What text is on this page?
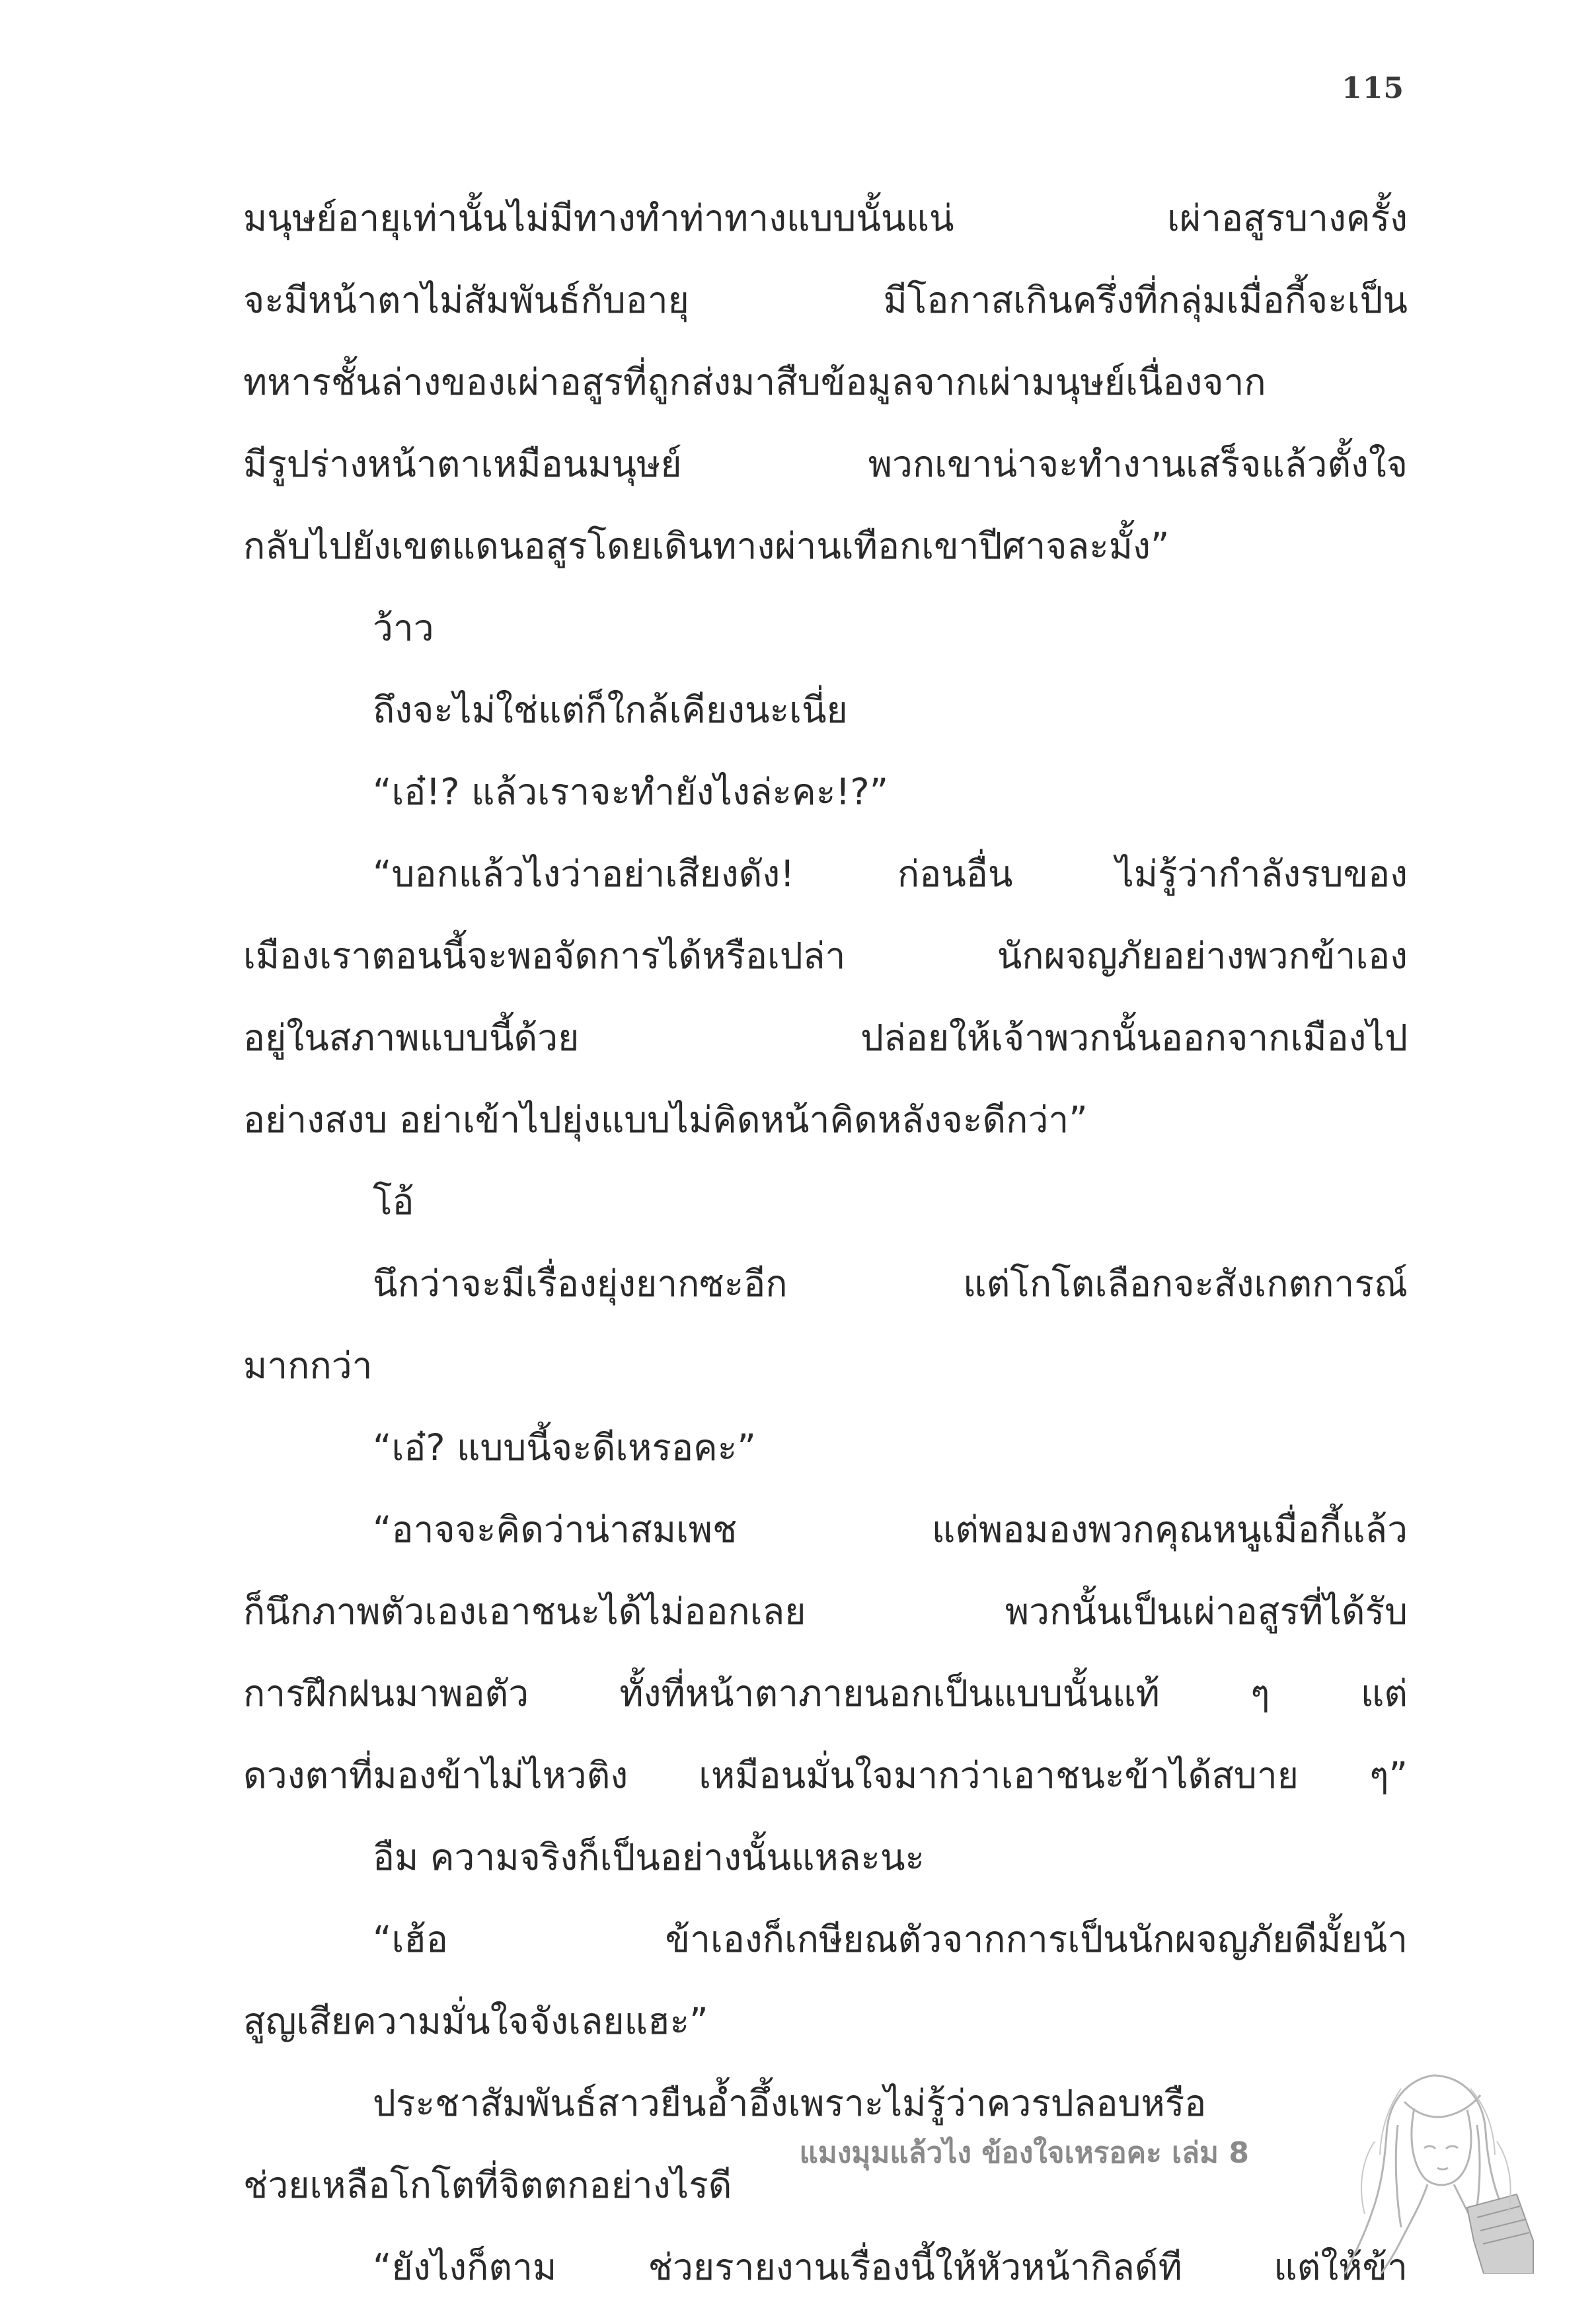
115
มนุษย์อายุเท่านั้นไม่มีทางทำท่าทางแบบนั้นแน่ เผ่าอสูรบางครั้ง
จะมีหน้าตาไม่สัมพันธ์กับอายุ มีโอกาสเกินครึ่งที่กลุ่มเมื่อกี้จะเป็น
ทหารชั้นล่างของเผ่าอสูรที่ถูกส่งมาสืบข้อมูลจากเผ่ามนุษย์เนื่องจาก
มีรูปร่างหน้าตาเหมือนมนุษย์ พวกเขาน่าจะทำงานเสร็จแล้วตั้งใจ
กลับไปยังเขตแดนอสูรโดยเดินทางผ่านเทือกเขาปีศาจละมั้ง”
ว้าว
ถึงจะไม่ใช่แต่ก็ใกล้เคียงนะเนี่ย
“เอ๋!? แล้วเราจะทำยังไงล่ะคะ!?”
“บอกแล้วไงว่าอย่าเสียงดัง! ก่อนอื่น ไม่รู้ว่ากำลังรบของ
เมืองเราตอนนี้จะพอจัดการได้หรือเปล่า นักผจญภัยอย่างพวกข้าเอง
อยู่ในสภาพแบบนี้ด้วย ปล่อยให้เจ้าพวกนั้นออกจากเมืองไป
อย่างสงบ อย่าเข้าไปยุ่งแบบไม่คิดหน้าคิดหลังจะดีกว่า”
โอ้
นึกว่าจะมีเรื่องยุ่งยากซะอีก แต่โกโตเลือกจะสังเกตการณ์
มากกว่า
“เอ๋? แบบนี้จะดีเหรอคะ”
“อาจจะคิดว่าน่าสมเพช แต่พอมองพวกคุณหนูเมื่อกี้แล้ว
ก็นึกภาพตัวเองเอาชนะได้ไม่ออกเลย พวกนั้นเป็นเผ่าอสูรที่ได้รับ
การฝึกฝนมาพอตัว ทั้งที่หน้าตาภายนอกเป็นแบบนั้นแท้ ๆ แต่
ดวงตาที่มองข้าไม่ไหวติง เหมือนมั่นใจมากว่าเอาชนะข้าได้สบาย ๆ”
อืม ความจริงก็เป็นอย่างนั้นแหละนะ
“เฮ้อ ข้าเองก็เกษียณตัวจากการเป็นนักผจญภัยดีมั้ยน้า
สูญเสียความมั่นใจจังเลยแฮะ”
ประชาสัมพันธ์สาวยืนอ้ำอึ้งเพราะไม่รู้ว่าควรปลอบหรือ
ช่วยเหลือโกโตที่จิตตกอย่างไรดี
“ยังไงก็ตาม ช่วยรายงานเรื่องนี้ให้หัวหน้ากิลด์ที แต่ให้ข้า
แมงมุมแล้วไง ข้องใจเหรอคะ เล่ม 8
